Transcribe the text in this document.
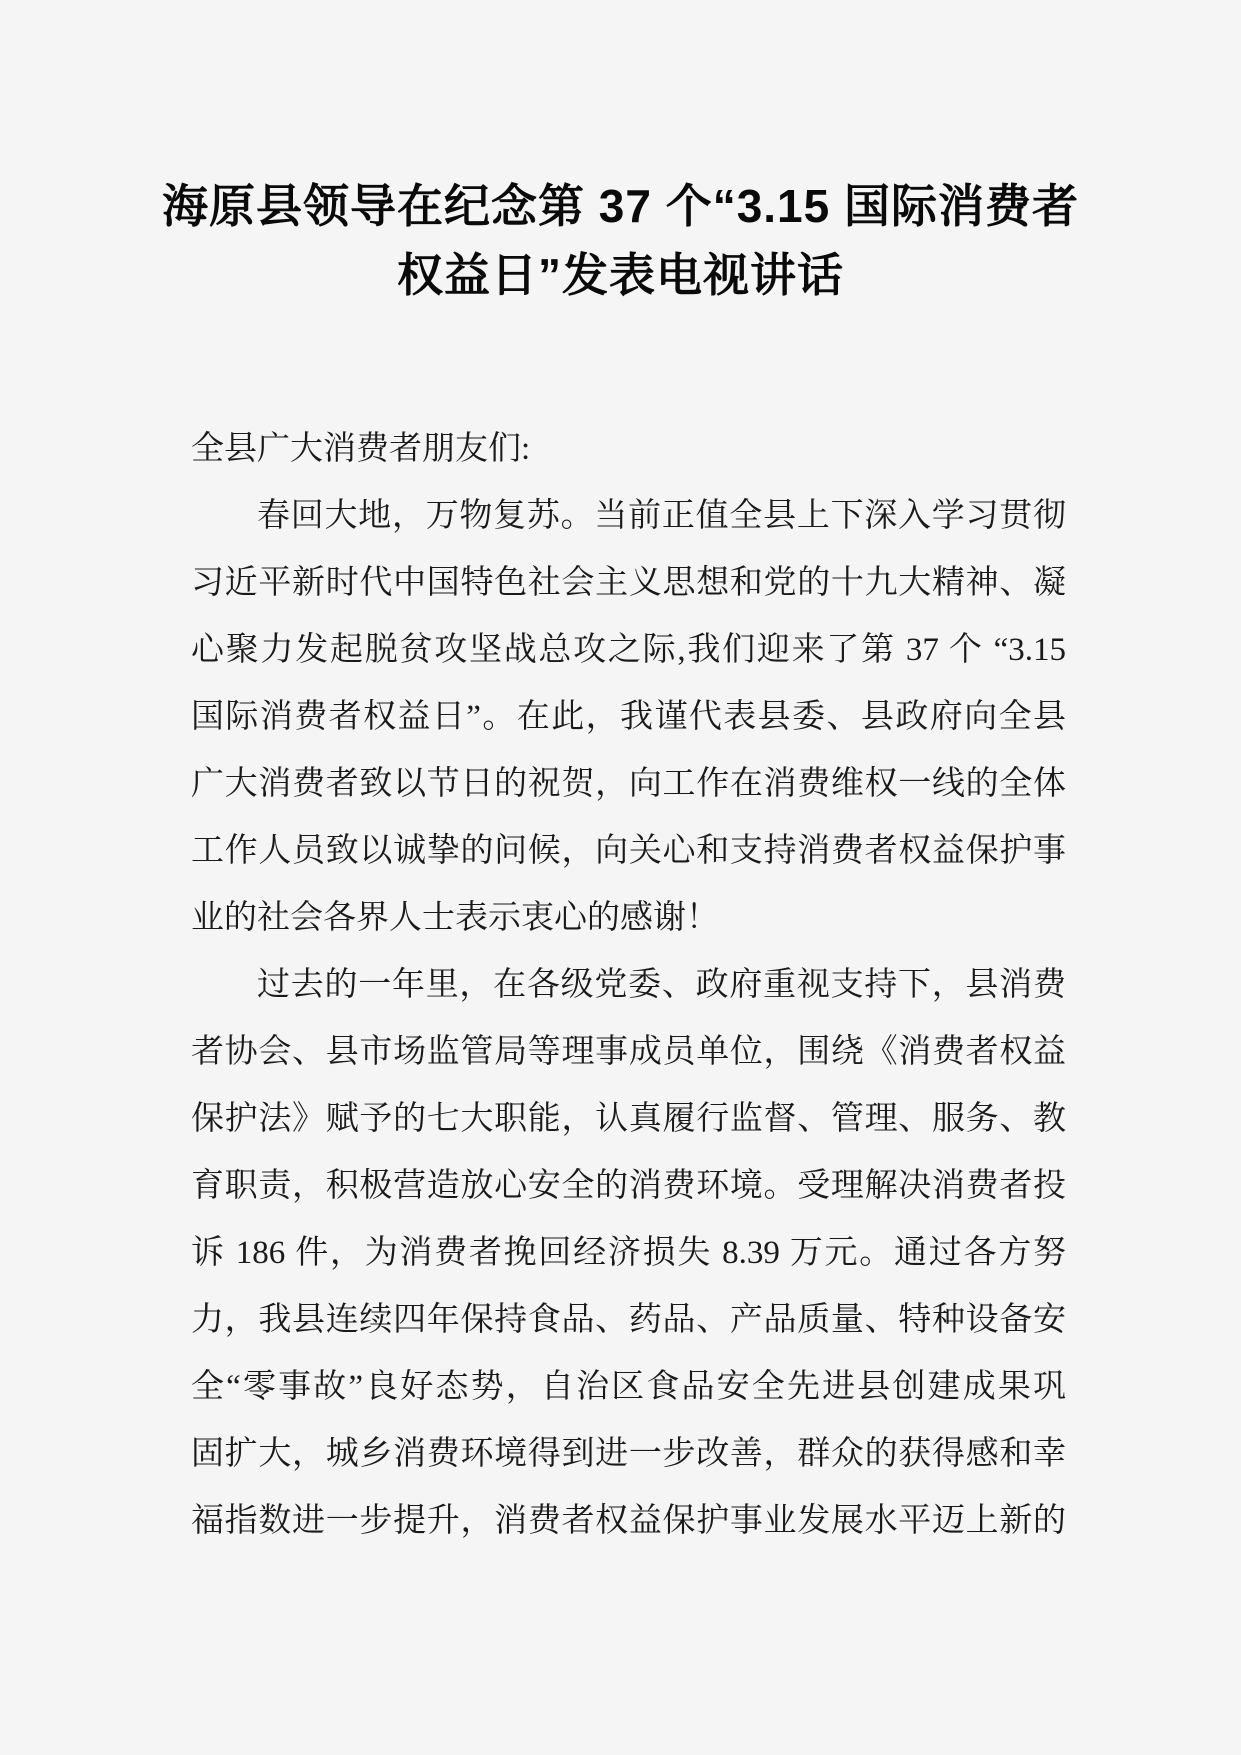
海原县领导在纪念第 37 个“3.15 国际消费者
权益日”发表电视讲话
全县广大消费者朋友们:
春回大地，万物复苏。当前正值全县上下深入学习贯彻
习近平新时代中国特色社会主义思想和党的十九大精神、凝
心聚力发起脱贫攻坚战总攻之际,我们迎来了第 37 个 “3.15
国际消费者权益日”。在此，我谨代表县委、县政府向全县
广大消费者致以节日的祝贺，向工作在消费维权一线的全体
工作人员致以诚挚的问候，向关心和支持消费者权益保护事
业的社会各界人士表示衷心的感谢！
过去的一年里，在各级党委、政府重视支持下，县消费
者协会、县市场监管局等理事成员单位，围绕《消费者权益
保护法》赋予的七大职能，认真履行监督、管理、服务、教
育职责，积极营造放心安全的消费环境。受理解决消费者投
诉 186 件，为消费者挽回经济损失 8.39 万元。通过各方努
力，我县连续四年保持食品、药品、产品质量、特种设备安
全“零事故”良好态势，自治区食品安全先进县创建成果巩
固扩大，城乡消费环境得到进一步改善，群众的获得感和幸
福指数进一步提升，消费者权益保护事业发展水平迈上新的
